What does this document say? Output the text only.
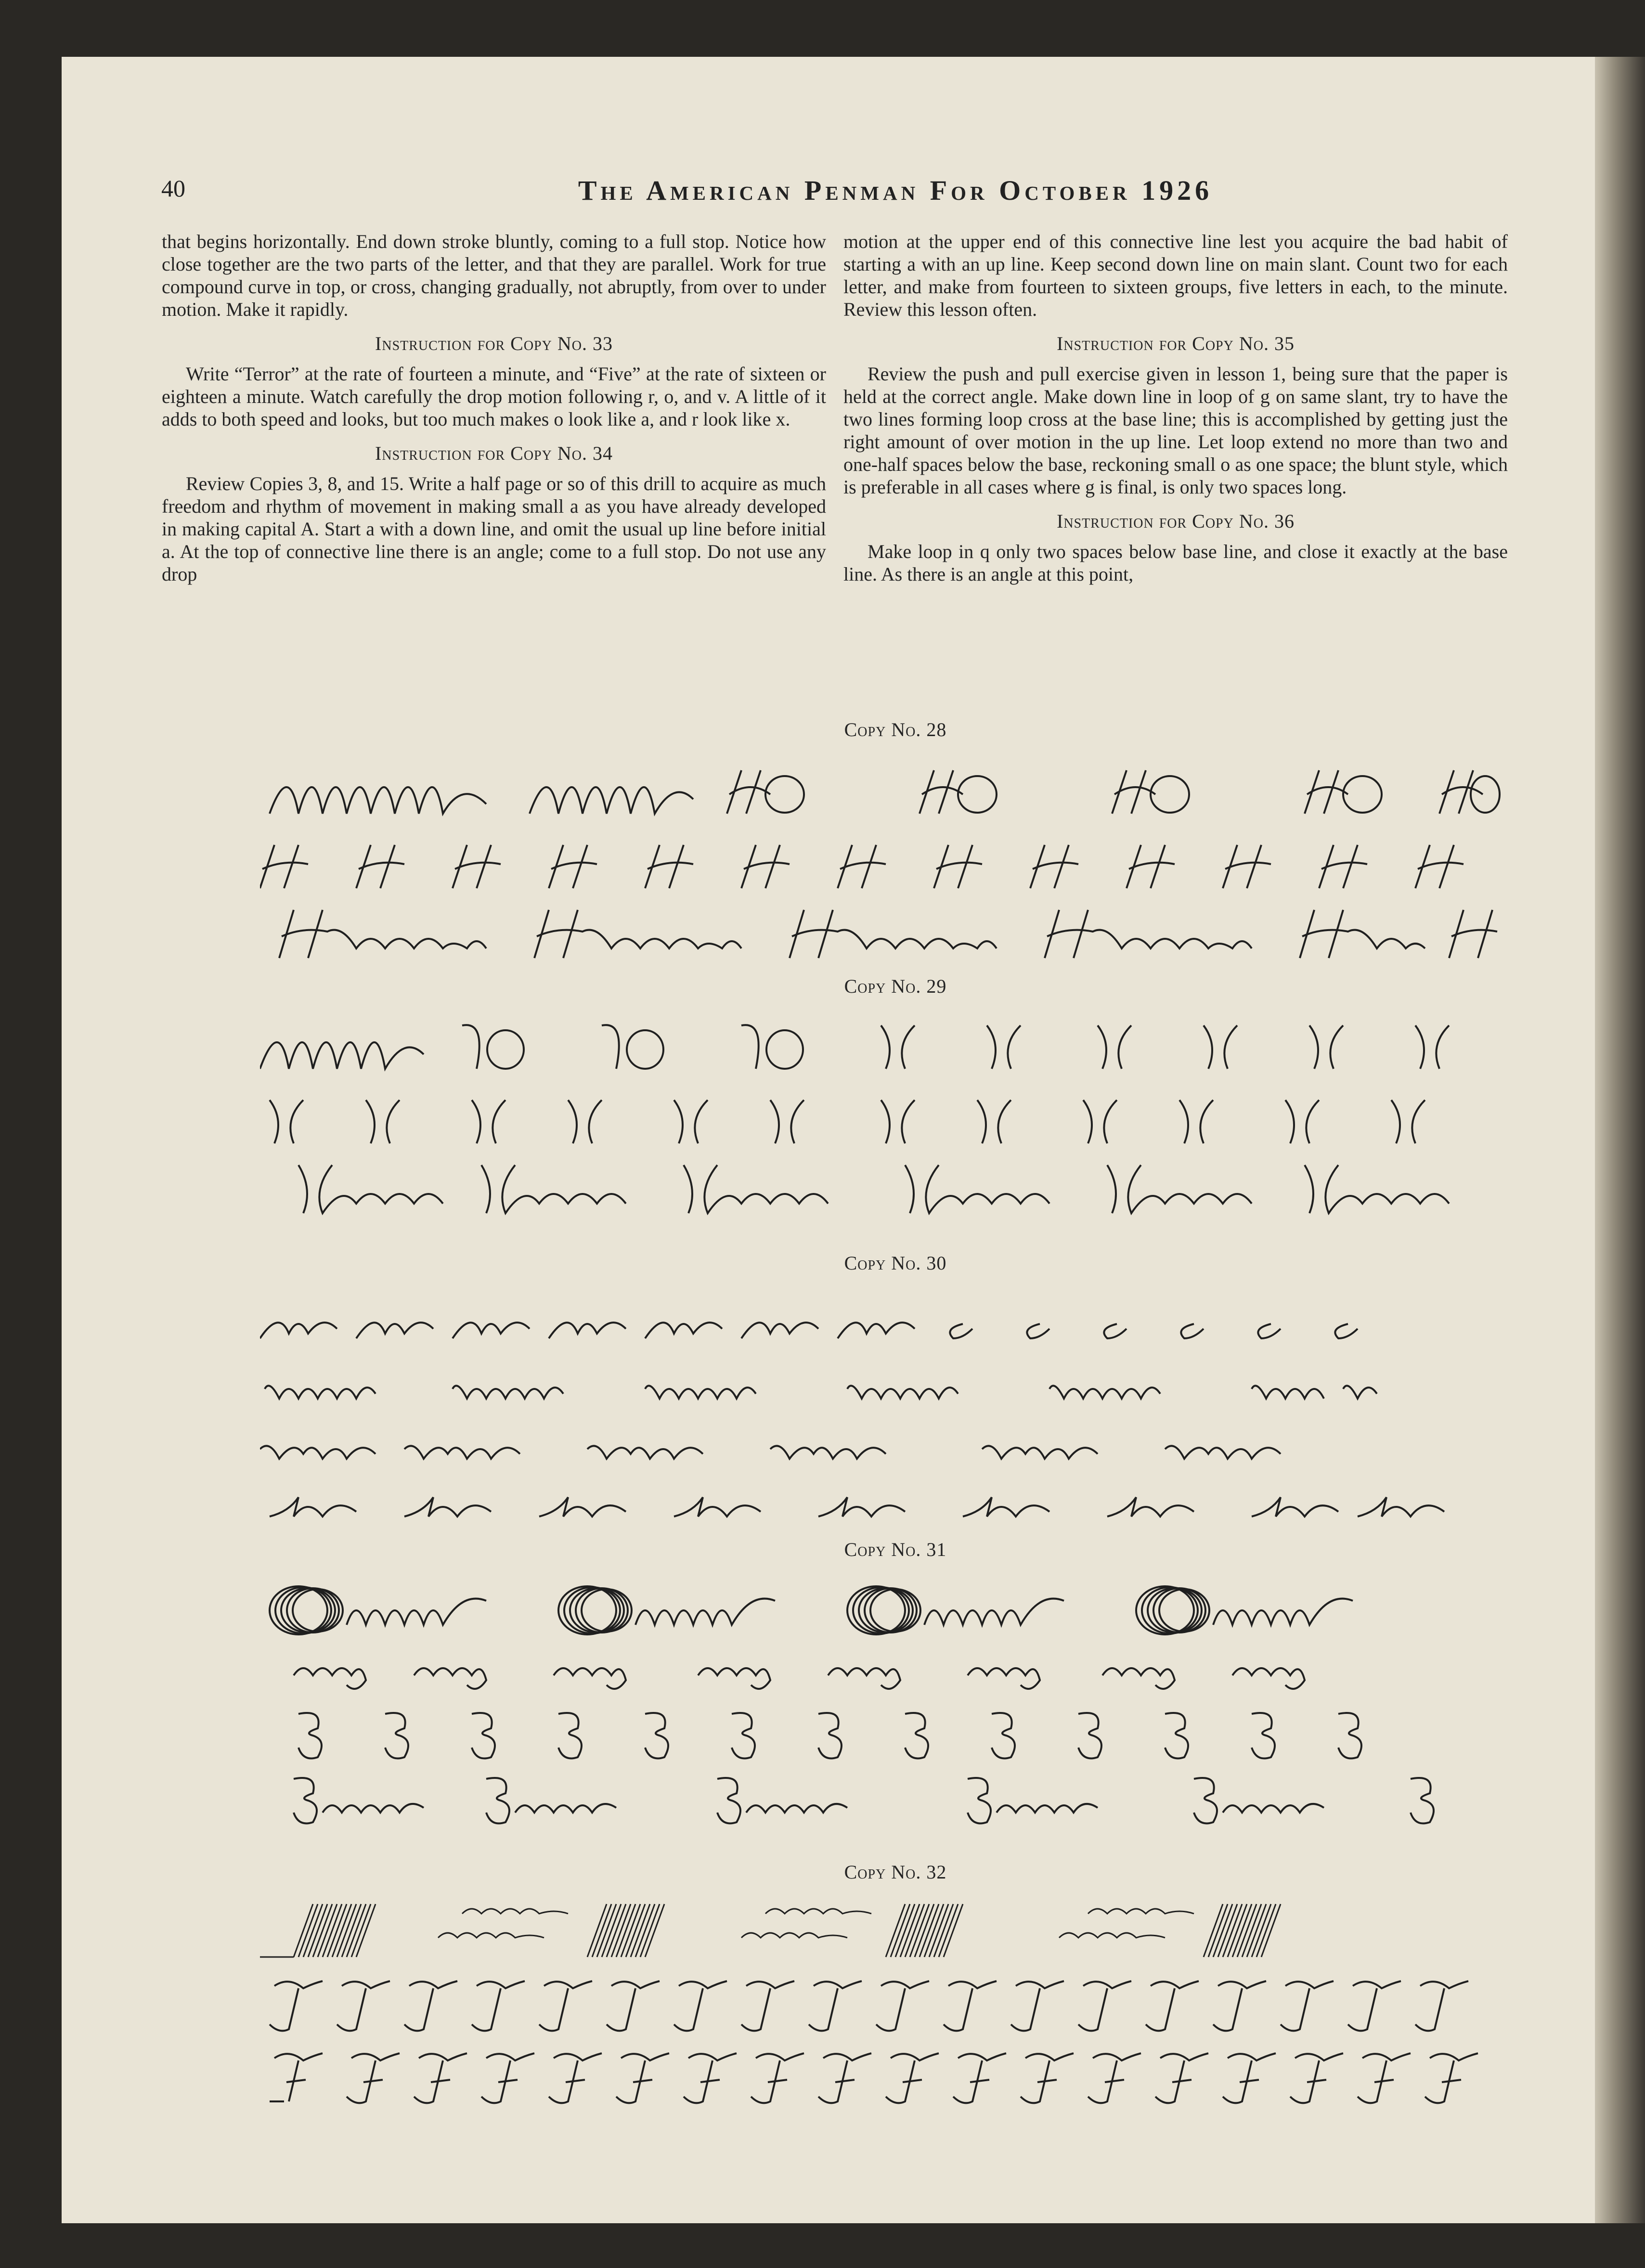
40	The American Penman For October 1926

that begins horizontally. End down stroke bluntly, coming to a full stop. Notice how close together are the two parts of the letter, and that they are parallel. Work for true compound curve in top, or cross, changing gradually, not abruptly, from over to under motion. Make it rapidly.

Instruction for Copy No. 33

Write “Terror” at the rate of fourteen a minute, and “Five” at the rate of sixteen or eighteen a minute. Watch carefully the drop motion following r, o, and v. A little of it adds to both speed and looks, but too much makes o look like a, and r look like x.

Instruction for Copy No. 34

Review Copies 3, 8, and 15. Write a half page or so of this drill to acquire as much freedom and rhythm of movement in making small a as you have already developed in making capital A. Start a with a down line, and omit the usual up line before initial a. At the top of connective line there is an angle; come to a full stop. Do not use any drop

motion at the upper end of this connective line lest you acquire the bad habit of starting a with an up line. Keep second down line on main slant. Count two for each letter, and make from fourteen to sixteen groups, five letters in each, to the minute. Review this lesson often.

Instruction for Copy No. 35

Review the push and pull exercise given in lesson 1, being sure that the paper is held at the correct angle. Make down line in loop of g on same slant, try to have the two lines forming loop cross at the base line; this is accomplished by getting just the right amount of over motion in the up line. Let loop extend no more than two and one-half spaces below the base, reckoning small o as one space; the blunt style, which is preferable in all cases where g is final, is only two spaces long.

Instruction for Copy No. 36

Make loop in q only two spaces below base line, and close it exactly at the base line. As there is an angle at this point,

Copy No. 28
Copy No. 29
Copy No. 30
Copy No. 31
Copy No. 32
